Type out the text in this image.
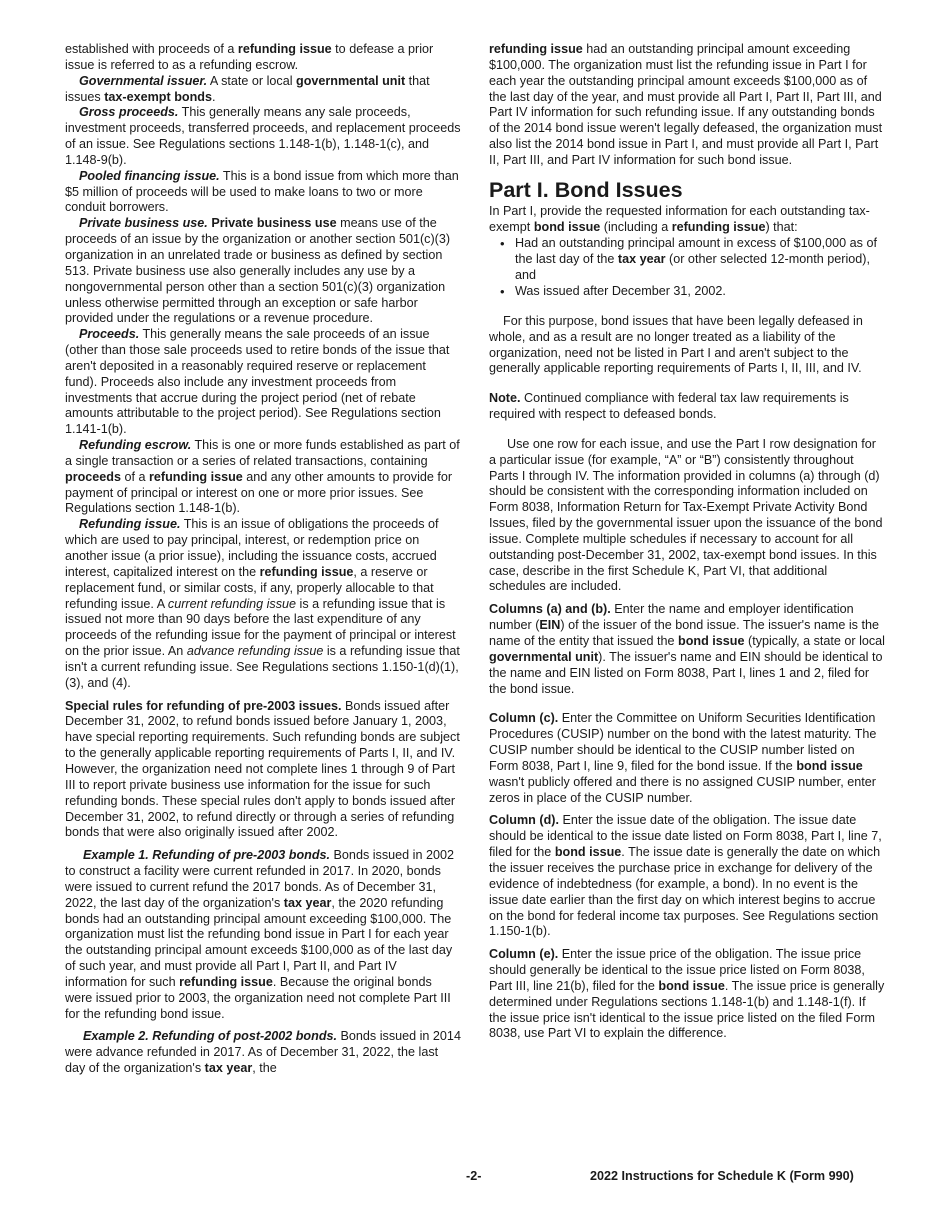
established with proceeds of a refunding issue to defease a prior issue is referred to as a refunding escrow.

Governmental issuer. A state or local governmental unit that issues tax-exempt bonds.

Gross proceeds. This generally means any sale proceeds, investment proceeds, transferred proceeds, and replacement proceeds of an issue. See Regulations sections 1.148-1(b), 1.148-1(c), and 1.148-9(b).

Pooled financing issue. This is a bond issue from which more than $5 million of proceeds will be used to make loans to two or more conduit borrowers.

Private business use. Private business use means use of the proceeds of an issue by the organization or another section 501(c)(3) organization in an unrelated trade or business as defined by section 513. Private business use also generally includes any use by a nongovernmental person other than a section 501(c)(3) organization unless otherwise permitted through an exception or safe harbor provided under the regulations or a revenue procedure.

Proceeds. This generally means the sale proceeds of an issue (other than those sale proceeds used to retire bonds of the issue that aren't deposited in a reasonably required reserve or replacement fund). Proceeds also include any investment proceeds from investments that accrue during the project period (net of rebate amounts attributable to the project period). See Regulations section 1.141-1(b).

Refunding escrow. This is one or more funds established as part of a single transaction or a series of related transactions, containing proceeds of a refunding issue and any other amounts to provide for payment of principal or interest on one or more prior issues. See Regulations section 1.148-1(b).

Refunding issue. This is an issue of obligations the proceeds of which are used to pay principal, interest, or redemption price on another issue (a prior issue), including the issuance costs, accrued interest, capitalized interest on the refunding issue, a reserve or replacement fund, or similar costs, if any, properly allocable to that refunding issue. A current refunding issue is a refunding issue that is issued not more than 90 days before the last expenditure of any proceeds of the refunding issue for the payment of principal or interest on the prior issue. An advance refunding issue is a refunding issue that isn't a current refunding issue. See Regulations sections 1.150-1(d)(1), (3), and (4).

Special rules for refunding of pre-2003 issues. Bonds issued after December 31, 2002, to refund bonds issued before January 1, 2003, have special reporting requirements. Such refunding bonds are subject to the generally applicable reporting requirements of Parts I, II, and IV. However, the organization need not complete lines 1 through 9 of Part III to report private business use information for the issue for such refunding bonds. These special rules don't apply to bonds issued after December 31, 2002, to refund directly or through a series of refunding bonds that were also originally issued after 2002.

Example 1. Refunding of pre-2003 bonds. Bonds issued in 2002 to construct a facility were current refunded in 2017. In 2020, bonds were issued to current refund the 2017 bonds. As of December 31, 2022, the last day of the organization's tax year, the 2020 refunding bonds had an outstanding principal amount exceeding $100,000. The organization must list the refunding bond issue in Part I for each year the outstanding principal amount exceeds $100,000 as of the last day of such year, and must provide all Part I, Part II, and Part IV information for such refunding issue. Because the original bonds were issued prior to 2003, the organization need not complete Part III for the refunding bond issue.

Example 2. Refunding of post-2002 bonds. Bonds issued in 2014 were advance refunded in 2017. As of December 31, 2022, the last day of the organization's tax year, the

refunding issue had an outstanding principal amount exceeding $100,000. The organization must list the refunding issue in Part I for each year the outstanding principal amount exceeds $100,000 as of the last day of the year, and must provide all Part I, Part II, Part III, and Part IV information for such refunding issue. If any outstanding bonds of the 2014 bond issue weren't legally defeased, the organization must also list the 2014 bond issue in Part I, and must provide all Part I, Part II, Part III, and Part IV information for such bond issue.

Part I. Bond Issues

In Part I, provide the requested information for each outstanding tax-exempt bond issue (including a refunding issue) that:

• Had an outstanding principal amount in excess of $100,000 as of the last day of the tax year (or other selected 12-month period), and
• Was issued after December 31, 2002.

For this purpose, bond issues that have been legally defeased in whole, and as a result are no longer treated as a liability of the organization, need not be listed in Part I and aren't subject to the generally applicable reporting requirements of Parts I, II, III, and IV.

Note. Continued compliance with federal tax law requirements is required with respect to defeased bonds.

Use one row for each issue, and use the Part I row designation for a particular issue (for example, “A” or “B”) consistently throughout Parts I through IV. The information provided in columns (a) through (d) should be consistent with the corresponding information included on Form 8038, Information Return for Tax-Exempt Private Activity Bond Issues, filed by the governmental issuer upon the issuance of the bond issue. Complete multiple schedules if necessary to account for all outstanding post-December 31, 2002, tax-exempt bond issues. In this case, describe in the first Schedule K, Part VI, that additional schedules are included.

Columns (a) and (b). Enter the name and employer identification number (EIN) of the issuer of the bond issue. The issuer's name is the name of the entity that issued the bond issue (typically, a state or local governmental unit). The issuer's name and EIN should be identical to the name and EIN listed on Form 8038, Part I, lines 1 and 2, filed for the bond issue.

Column (c). Enter the Committee on Uniform Securities Identification Procedures (CUSIP) number on the bond with the latest maturity. The CUSIP number should be identical to the CUSIP number listed on Form 8038, Part I, line 9, filed for the bond issue. If the bond issue wasn't publicly offered and there is no assigned CUSIP number, enter zeros in place of the CUSIP number.

Column (d). Enter the issue date of the obligation. The issue date should be identical to the issue date listed on Form 8038, Part I, line 7, filed for the bond issue. The issue date is generally the date on which the issuer receives the purchase price in exchange for delivery of the evidence of indebtedness (for example, a bond). In no event is the issue date earlier than the first day on which interest begins to accrue on the bond for federal income tax purposes. See Regulations section 1.150-1(b).

Column (e). Enter the issue price of the obligation. The issue price should generally be identical to the issue price listed on Form 8038, Part III, line 21(b), filed for the bond issue. The issue price is generally determined under Regulations sections 1.148-1(b) and 1.148-1(f). If the issue price isn't identical to the issue price listed on the filed Form 8038, use Part VI to explain the difference.

-2-	2022 Instructions for Schedule K (Form 990)
